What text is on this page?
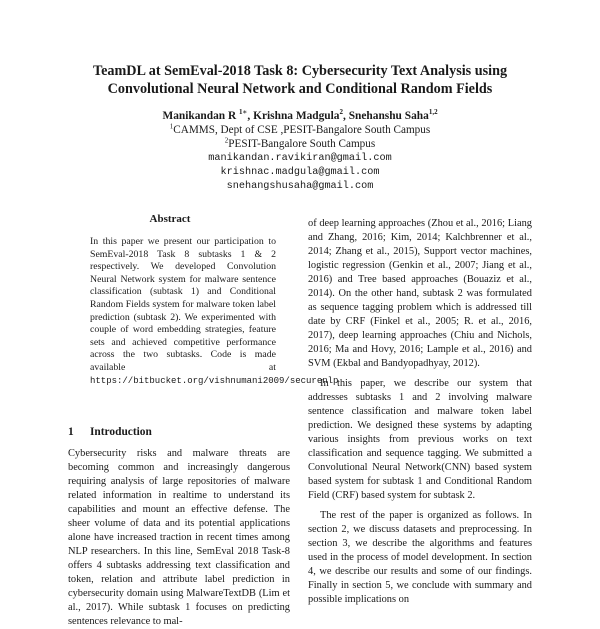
TeamDL at SemEval-2018 Task 8: Cybersecurity Text Analysis using
Convolutional Neural Network and Conditional Random Fields
Manikandan R $^{1∗}$, Krishna Madgula$^2$, Snehanshu Saha$^{1,2}$
$^1$CAMMS, Dept of CSE ,PESIT-Bangalore South Campus
$^2$PESIT-Bangalore South Campus
manikandan.ravikiran@gmail.com
krishnac.madgula@gmail.com
snehangshusaha@gmail.com
Abstract
In this paper we present our participation to SemEval-2018 Task 8 subtasks 1 & 2 respectively. We developed Convolution Neural Network system for malware sentence classification (subtask 1) and Conditional Random Fields system for malware token label prediction (subtask 2). We experimented with couple of word embedding strategies, feature sets and achieved competitive performance across the two subtasks. Code is made available at https://bitbucket.org/vishnumani2009/securenlp
1 Introduction
Cybersecurity risks and malware threats are becoming common and increasingly dangerous requiring analysis of large repositories of malware related information in realtime to understand its capabilities and mount an effective defense. The sheer volume of data and its potential applications alone have increased traction in recent times among NLP researchers. In this line, SemEval 2018 Task-8 offers 4 subtasks addressing text classification and token, relation and attribute label prediction in cybersecurity domain using MalwareTextDB (Lim et al., 2017). While subtask 1 focuses on predicting sentences relevance to mal-

of deep learning approaches (Zhou et al., 2016; Liang and Zhang, 2016; Kim, 2014; Kalchbrenner et al., 2014; Zhang et al., 2015), Support vector machines, logistic regression (Genkin et al., 2007; Jiang et al., 2016) and Tree based approaches (Bouaziz et al., 2014). On the other hand, subtask 2 was formulated as sequence tagging problem which is addressed till date by CRF (Finkel et al., 2005; R. et al., 2016, 2017), deep learning approaches (Chiu and Nichols, 2016; Ma and Hovy, 2016; Lample et al., 2016) and SVM (Ekbal and Bandyopadhyay, 2012).

In this paper, we describe our system that addresses subtasks 1 and 2 involving malware sentence classification and malware token label prediction. We designed these systems by adapting various insights from previous works on text classification and sequence tagging. We submitted a Convolutional Neural Network(CNN) based system based system for subtask 1 and Conditional Random Field (CRF) based system for subtask 2.

The rest of the paper is organized as follows. In section 2, we discuss datasets and preprocessing. In section 3, we describe the algorithms and features used in the process of model development. In section 4, we describe our results and some of our findings. Finally in section 5, we conclude with summary and possible implications on
